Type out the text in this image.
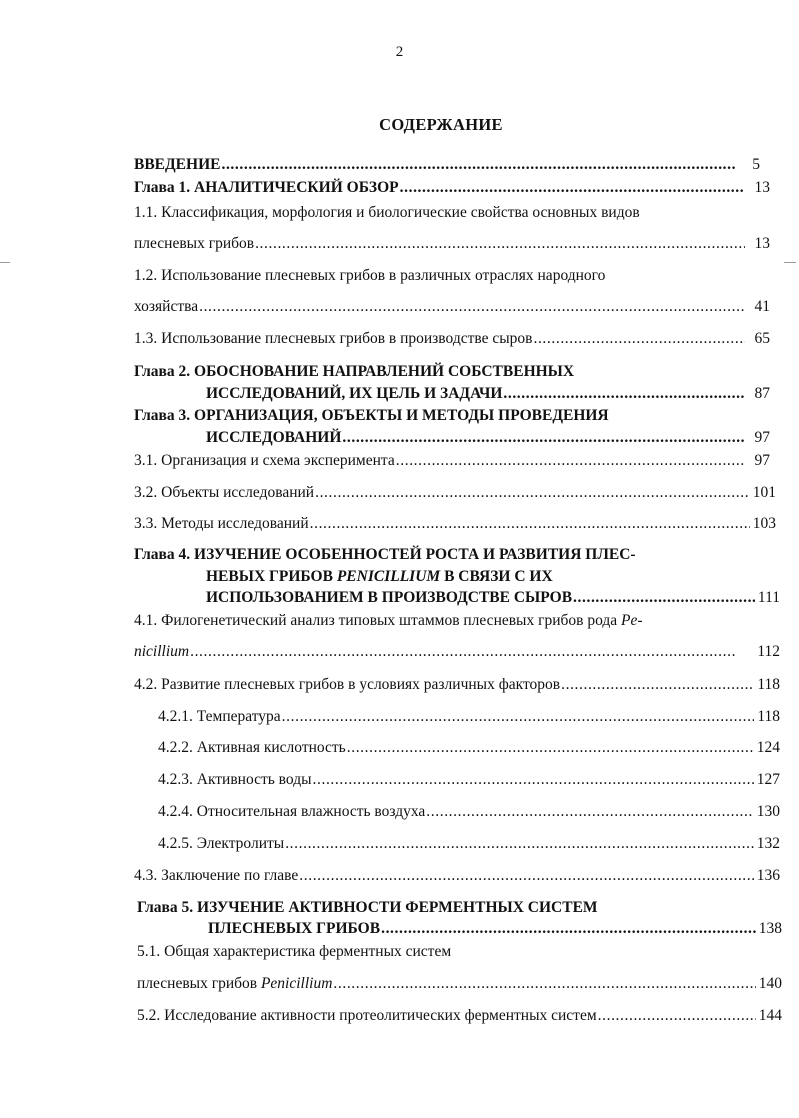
2
СОДЕРЖАНИЕ
ВВЕДЕНИЕ .....	5
Глава 1. АНАЛИТИЧЕСКИЙ ОБЗОР .....	13
1.1. Классификация, морфология и биологические свойства основных видов
плесневых грибов .....	13
1.2. Использование плесневых грибов в различных отраслях народного
хозяйства .....	41
1.3. Использование плесневых грибов в производстве сыров .....	65
Глава 2. ОБОСНОВАНИЕ НАПРАВЛЕНИЙ СОБСТВЕННЫХ
ИССЛЕДОВАНИЙ, ИХ ЦЕЛЬ И ЗАДАЧИ .....	87
Глава 3. ОРГАНИЗАЦИЯ, ОБЪЕКТЫ И МЕТОДЫ ПРОВЕДЕНИЯ
ИССЛЕДОВАНИЙ .....	97
3.1. Организация и схема эксперимента .....	97
3.2. Объекты исследований .....	101
3.3. Методы исследований .....	103
Глава 4. ИЗУЧЕНИЕ ОСОБЕННОСТЕЙ РОСТА И РАЗВИТИЯ ПЛЕС-
НЕВЫХ ГРИБОВ PENICILLIUM В СВЯЗИ С ИХ
ИСПОЛЬЗОВАНИЕМ В ПРОИЗВОДСТВЕ СЫРОВ .....	111
4.1. Филогенетический анализ типовых штаммов плесневых грибов рода Pe-
nicillium .....	112
4.2. Развитие плесневых грибов в условиях различных факторов .....	118
4.2.1. Температура .....	118
4.2.2. Активная кислотность .....	124
4.2.3. Активность воды .....	127
4.2.4. Относительная влажность воздуха .....	130
4.2.5. Электролиты .....	132
4.3. Заключение по главе .....	136
Глава 5. ИЗУЧЕНИЕ АКТИВНОСТИ ФЕРМЕНТНЫХ СИСТЕМ
ПЛЕСНЕВЫХ ГРИБОВ .....	138
5.1. Общая характеристика ферментных систем
плесневых грибов Penicillium .....	140
5.2. Исследование активности протеолитических ферментных систем .....	144
